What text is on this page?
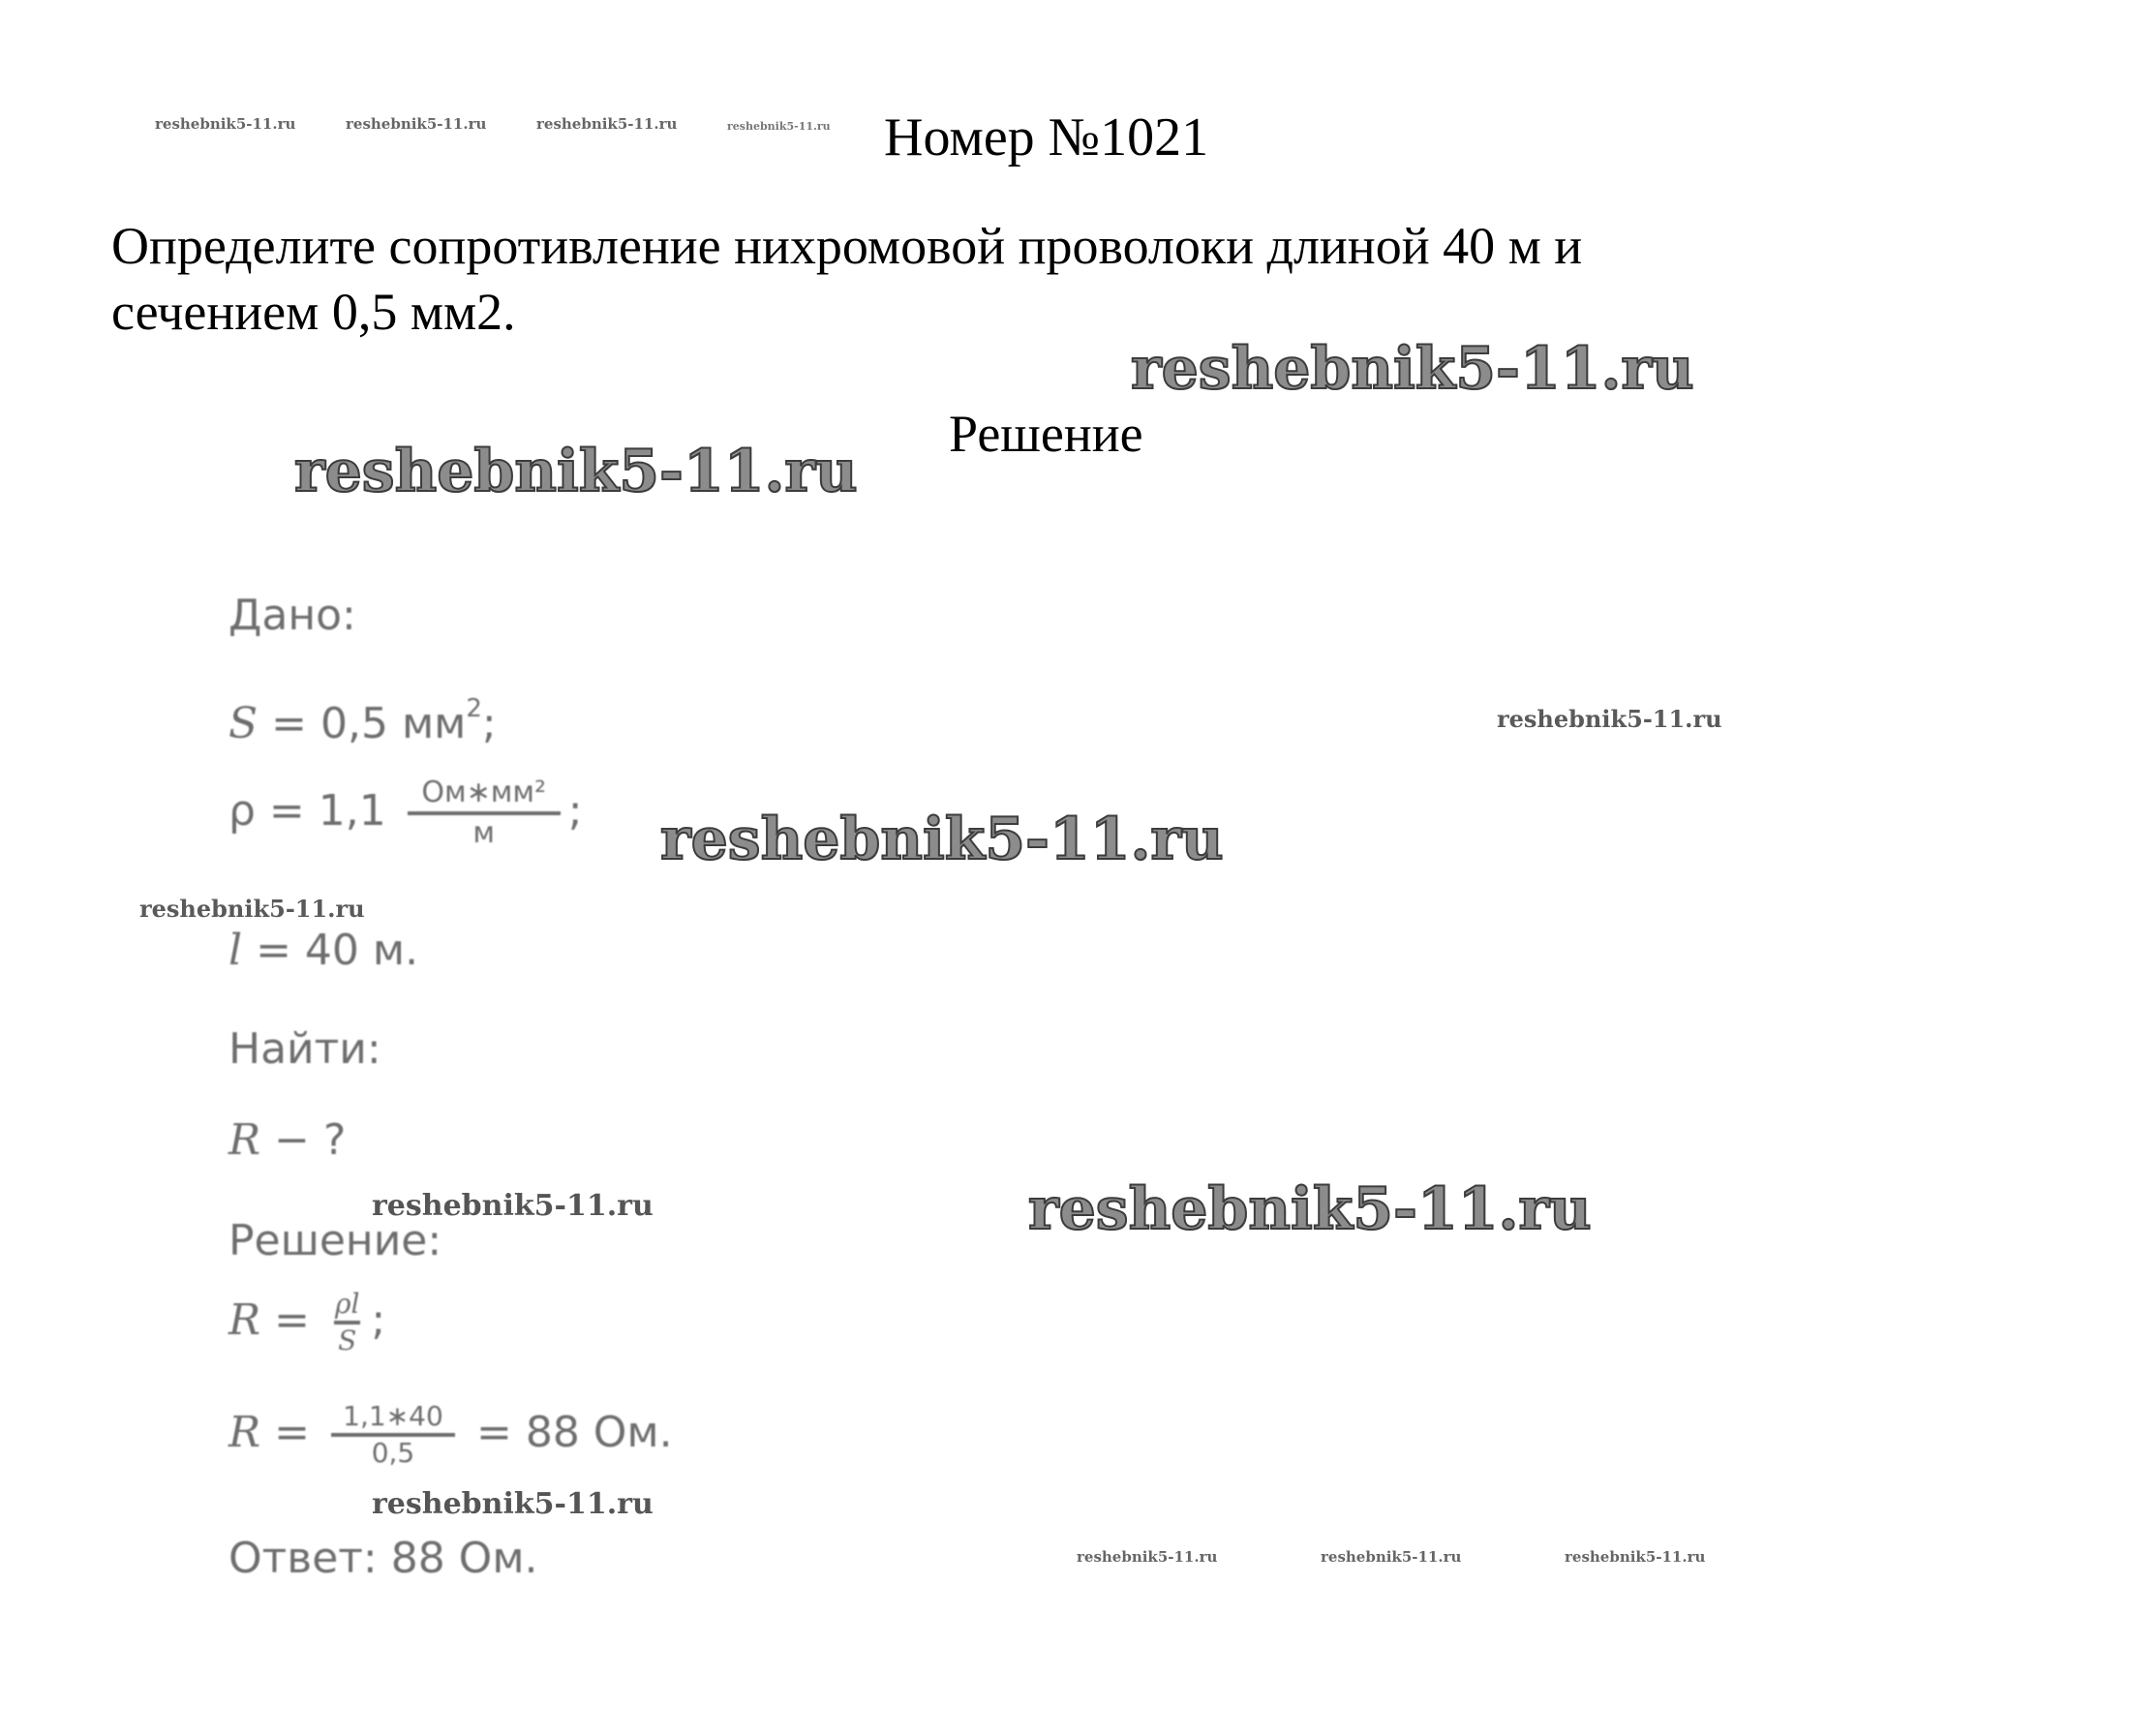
Номер №1021
Определите сопротивление нихромовой проволоки длиной 40 м и
сечением 0,5 мм2.
Решение
Дано:
S = 0,5 $мм^2$;
$\rho = 1,1 \frac{\text{Ом∗мм²}}{м}$ ;
l = 40 м.
Найти:
R − ?
Решение:
$R = \frac{\rho l}{S}$ ;
$R = \frac{1,1∗40}{0,5} = 88$ Ом.
Ответ: 88 Ом.
reshebnik5-11.ru	reshebnik5-11.ru	reshebnik5-11.ru	reshebnik5-11.ru
reshebnik5-11.ru
reshebnik5-11.ru
reshebnik5-11.ru
reshebnik5-11.ru
reshebnik5-11.ru
reshebnik5-11.ru	reshebnik5-11.ru
reshebnik5-11.ru
reshebnik5-11.ru	reshebnik5-11.ru	reshebnik5-11.ru
